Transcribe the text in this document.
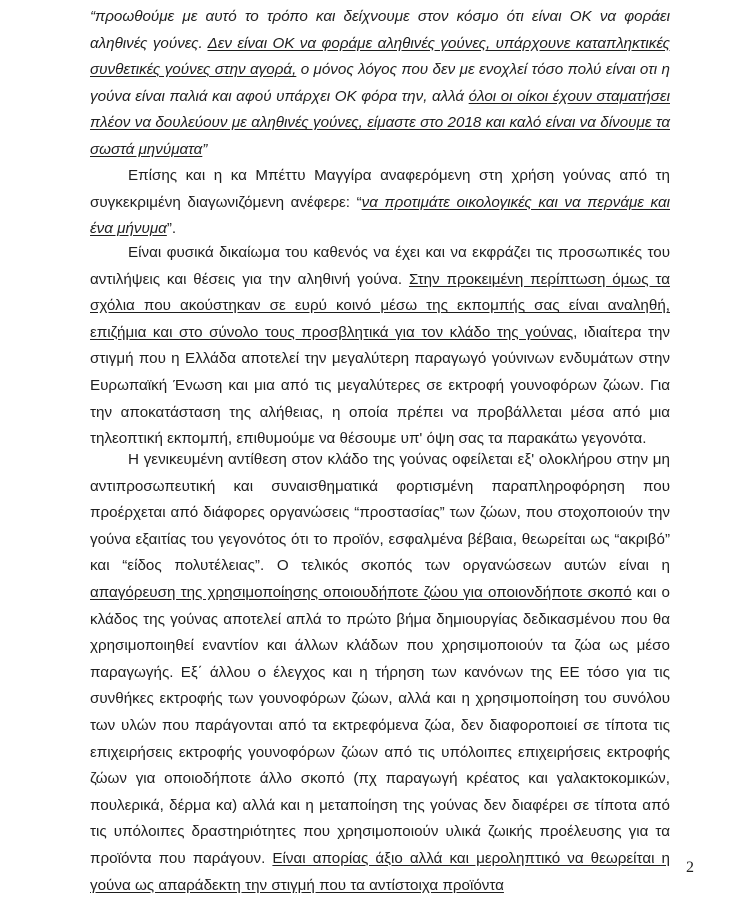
“προωθούμε με αυτό το τρόπο και δείχνουμε στον κόσμο ότι είναι ΟΚ να φοράει αληθινές γούνες. Δεν είναι ΟΚ να φοράμε αληθινές γούνες, υπάρχουνε καταπληκτικές συνθετικές γούνες στην αγορά, ο μόνος λόγος που δεν με ενοχλεί τόσο πολύ είναι οτι η γούνα είναι παλιά και αφού υπάρχει ΟΚ φόρα την, αλλά όλοι οι οίκοι έχουν σταματήσει πλέον να δουλεύουν με αληθινές γούνες, είμαστε στο 2018 και καλό είναι να δίνουμε τα σωστά μηνύματα”

Επίσης και η κα Μπέττυ Μαγγίρα αναφερόμενη στη χρήση γούνας από τη συγκεκριμένη διαγωνιζόμενη ανέφερε: “να προτιμάτε οικολογικές και να περνάμε και ένα μήνυμα”.

Είναι φυσικά δικαίωμα του καθενός να έχει και να εκφράζει τις προσωπικές του αντιλήψεις και θέσεις για την αληθινή γούνα. Στην προκειμένη περίπτωση όμως τα σχόλια που ακούστηκαν σε ευρύ κοινό μέσω της εκπομπής σας είναι αναληθή, επιζήμια και στο σύνολο τους προσβλητικά για τον κλάδο της γούνας, ιδιαίτερα την στιγμή που η Ελλάδα αποτελεί την μεγαλύτερη παραγωγό γούνινων ενδυμάτων στην Ευρωπαϊκή Ένωση και μια από τις μεγαλύτερες σε εκτροφή γουνοφόρων ζώων. Για την αποκατάσταση της αλήθειας, η οποία πρέπει να προβάλλεται μέσα από μια τηλεοπτική εκπομπή, επιθυμούμε να θέσουμε υπ' όψη σας τα παρακάτω γεγονότα.

Η γενικευμένη αντίθεση στον κλάδο της γούνας οφείλεται εξ' ολοκλήρου στην μη αντιπροσωπευτική και συναισθηματικά φορτισμένη παραπληροφόρηση που προέρχεται από διάφορες οργανώσεις “προστασίας” των ζώων, που στοχοποιούν την γούνα εξαιτίας του γεγονότος ότι το προϊόν, εσφαλμένα βέβαια, θεωρείται ως “ακριβό” και “είδος πολυτέλειας”. Ο τελικός σκοπός των οργανώσεων αυτών είναι η απαγόρευση της χρησιμοποίησης οποιουδήποτε ζώου για οποιονδήποτε σκοπό και ο κλάδος της γούνας αποτελεί απλά το πρώτο βήμα δημιουργίας δεδικασμένου που θα χρησιμοποιηθεί εναντίον και άλλων κλάδων που χρησιμοποιούν τα ζώα ως μέσο παραγωγής. Εξ΄ άλλου ο έλεγχος και η τήρηση των κανόνων της ΕΕ τόσο για τις συνθήκες εκτροφής των γουνοφόρων ζώων, αλλά και η χρησιμοποίηση του συνόλου των υλών που παράγονται από τα εκτρεφόμενα ζώα, δεν διαφοροποιεί σε τίποτα τις επιχειρήσεις εκτροφής γουνοφόρων ζώων από τις υπόλοιπες επιχειρήσεις εκτροφής ζώων για οποιοδήποτε άλλο σκοπό (πχ παραγωγή κρέατος και γαλακτοκομικών, πουλερικά, δέρμα κα) αλλά και η μεταποίηση της γούνας δεν διαφέρει σε τίποτα από τις υπόλοιπες δραστηριότητες που χρησιμοποιούν υλικά ζωικής προέλευσης για τα προϊόντα που παράγουν. Είναι απορίας άξιο αλλά και μεροληπτικό να θεωρείται η γούνα ως απαράδεκτη την στιγμή που τα αντίστοιχα προϊόντα

2
